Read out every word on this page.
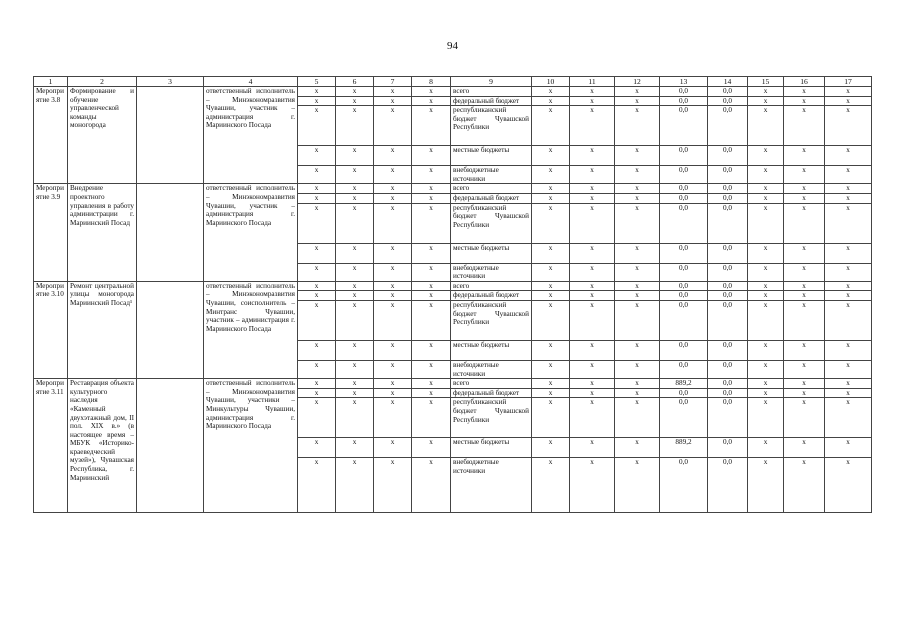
94
1	2	3	4	5	6	7	8	9	10	11	12	13	14	15	16	17
Мероприятие 3.8	Формирование и обучение управленческой команды моногорода		ответственный исполнитель – Минэкономразвития Чувашии, участник – администрация г. Мариинского Посада	x	x	x	x	всего	x	x	x	0,0	0,0	x	x	x
				x	x	x	x	федеральный бюджет	x	x	x	0,0	0,0	x	x	x
				x	x	x	x	республиканский бюджет Чувашской Республики	x	x	x	0,0	0,0	x	x	x
				x	x	x	x	местные бюджеты	x	x	x	0,0	0,0	x	x	x
				x	x	x	x	внебюджетные источники	x	x	x	0,0	0,0	x	x	x
Мероприятие 3.9	Внедрение проектного управления в работу администрации г. Мариинский Посад		ответственный исполнитель – Минэкономразвития Чувашии, участник – администрация г. Мариинского Посада	x	x	x	x	всего	x	x	x	0,0	0,0	x	x	x
				x	x	x	x	федеральный бюджет	x	x	x	0,0	0,0	x	x	x
				x	x	x	x	республиканский бюджет Чувашской Республики	x	x	x	0,0	0,0	x	x	x
				x	x	x	x	местные бюджеты	x	x	x	0,0	0,0	x	x	x
				x	x	x	x	внебюджетные источники	x	x	x	0,0	0,0	x	x	x
Мероприятие 3.10	Ремонт центральной улицы моногорода Мариинский Посад¹		ответственный исполнитель – Минэкономразвития Чувашии, соисполнитель – Минтранс Чувашии, участник – администрация г. Мариинского Посада	x	x	x	x	всего	x	x	x	0,0	0,0	x	x	x
				x	x	x	x	федеральный бюджет	x	x	x	0,0	0,0	x	x	x
				x	x	x	x	республиканский бюджет Чувашской Республики	x	x	x	0,0	0,0	x	x	x
				x	x	x	x	местные бюджеты	x	x	x	0,0	0,0	x	x	x
				x	x	x	x	внебюджетные источники	x	x	x	0,0	0,0	x	x	x
Мероприятие 3.11	Реставрация объекта культурного наследия «Каменный двухэтажный дом, II пол. XIX в.» (в настоящее время – МБУК «Историко-краеведческий музей»), Чувашская Республика, г. Мариинский		ответственный исполнитель – Минэкономразвития Чувашии, участники – Минкультуры Чувашии, администрация г. Мариинского Посада	x	x	x	x	всего	x	x	x	889,2	0,0	x	x	x
				x	x	x	x	федеральный бюджет	x	x	x	0,0	0,0	x	x	x
				x	x	x	x	республиканский бюджет Чувашской Республики	x	x	x	0,0	0,0	x	x	x
				x	x	x	x	местные бюджеты	x	x	x	889,2	0,0	x	x	x
				x	x	x	x	внебюджетные источники	x	x	x	0,0	0,0	x	x	x
